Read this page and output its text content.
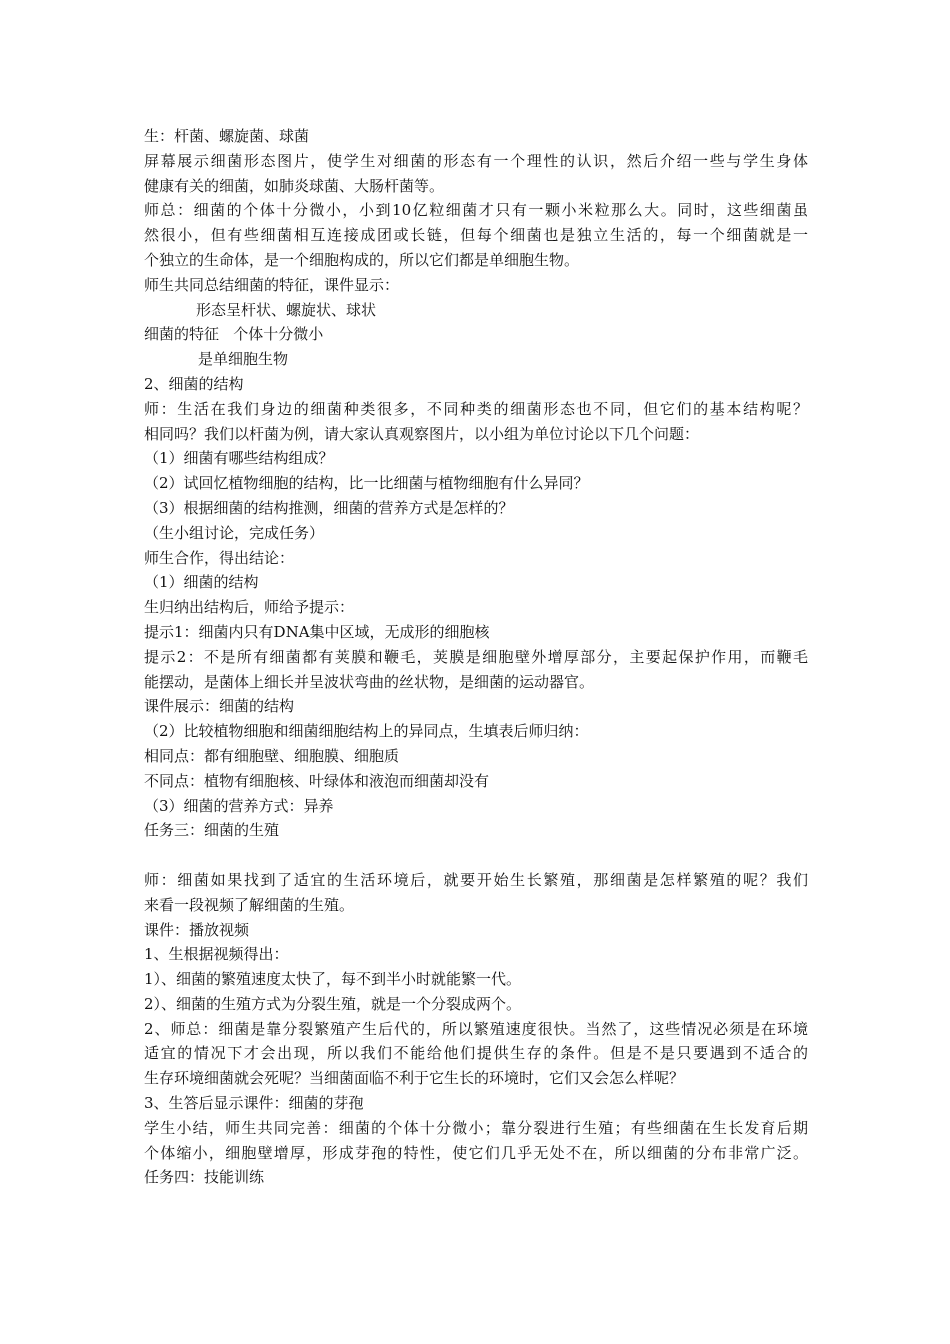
生：杆菌、螺旋菌、球菌
屏幕展示细菌形态图片，使学生对细菌的形态有一个理性的认识，然后介绍一些与学生身体
健康有关的细菌，如肺炎球菌、大肠杆菌等。
师总：细菌的个体十分微小，小到10亿粒细菌才只有一颗小米粒那么大。同时，这些细菌虽
然很小，但有些细菌相互连接成团或长链，但每个细菌也是独立生活的，每一个细菌就是一
个独立的生命体，是一个细胞构成的，所以它们都是单细胞生物。
师生共同总结细菌的特征，课件显示：
形态呈杆状、螺旋状、球状
细菌的特征   个体十分微小
是单细胞生物
2、细菌的结构
师：生活在我们身边的细菌种类很多，不同种类的细菌形态也不同，但它们的基本结构呢？
相同吗？我们以杆菌为例，请大家认真观察图片，以小组为单位讨论以下几个问题：
（1）细菌有哪些结构组成？
（2）试回忆植物细胞的结构，比一比细菌与植物细胞有什么异同？
（3）根据细菌的结构推测，细菌的营养方式是怎样的？
（生小组讨论，完成任务）
师生合作，得出结论：
（1）细菌的结构
生归纳出结构后，师给予提示：
提示1：细菌内只有DNA集中区域，无成形的细胞核
提示2：不是所有细菌都有荚膜和鞭毛，荚膜是细胞壁外增厚部分，主要起保护作用，而鞭毛
能摆动，是菌体上细长并呈波状弯曲的丝状物，是细菌的运动器官。
课件展示：细菌的结构
（2）比较植物细胞和细菌细胞结构上的异同点，生填表后师归纳：
相同点：都有细胞壁、细胞膜、细胞质
不同点：植物有细胞核、叶绿体和液泡而细菌却没有
（3）细菌的营养方式：异养
任务三：细菌的生殖
师：细菌如果找到了适宜的生活环境后，就要开始生长繁殖，那细菌是怎样繁殖的呢？我们
来看一段视频了解细菌的生殖。
课件：播放视频
1、生根据视频得出：
1）、细菌的繁殖速度太快了，每不到半小时就能繁一代。
2）、细菌的生殖方式为分裂生殖，就是一个分裂成两个。
2、师总：细菌是靠分裂繁殖产生后代的，所以繁殖速度很快。当然了，这些情况必须是在环境
适宜的情况下才会出现，所以我们不能给他们提供生存的条件。但是不是只要遇到不适合的
生存环境细菌就会死呢？当细菌面临不利于它生长的环境时，它们又会怎么样呢？
3、生答后显示课件：细菌的芽孢
学生小结，师生共同完善：细菌的个体十分微小；靠分裂进行生殖；有些细菌在生长发育后期
个体缩小，细胞壁增厚，形成芽孢的特性，使它们几乎无处不在，所以细菌的分布非常广泛。
任务四：技能训练
